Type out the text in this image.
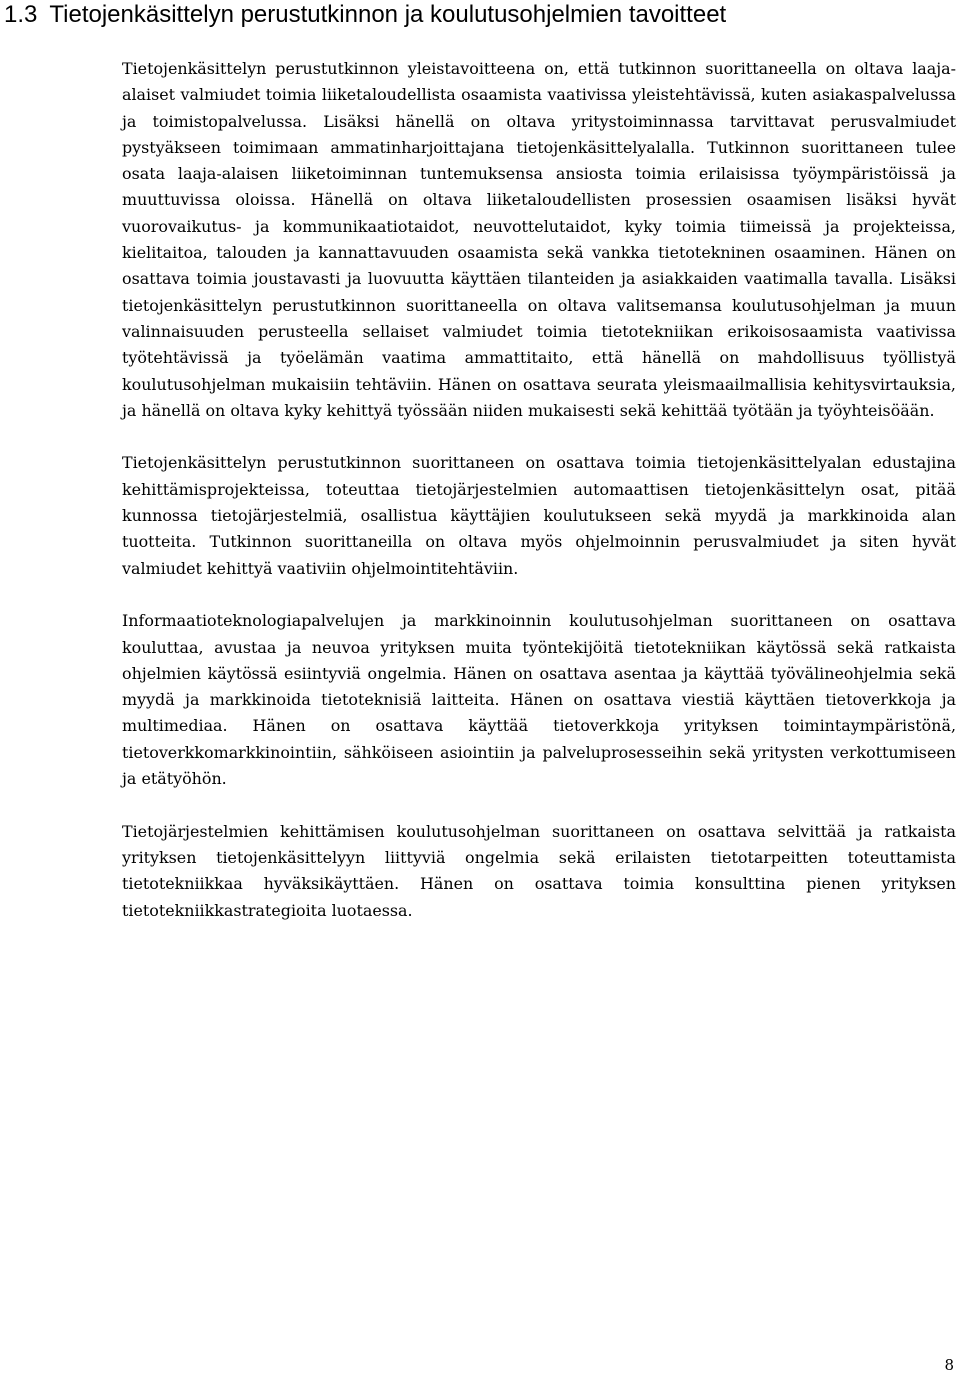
1.3 Tietojenkäsittelyn perustutkinnon ja koulutusohjelmien tavoitteet

Tietojenkäsittelyn perustutkinnon yleistavoitteena on, että tutkinnon suorittaneella on oltava laaja-alaiset valmiudet toimia liiketaloudellista osaamista vaativissa yleistehtävissä, kuten asiakaspalvelussa ja toimistopalvelussa. Lisäksi hänellä on oltava yritystoiminnassa tarvittavat perusvalmiudet pystyäkseen toimimaan ammatinharjoittajana tietojenkäsittelyalalla. Tutkinnon suorittaneen tulee osata laaja-alaisen liiketoiminnan tuntemuksensa ansiosta toimia erilaisissa työympäristöissä ja muuttuvissa oloissa. Hänellä on oltava liiketaloudellisten prosessien osaamisen lisäksi hyvät vuorovaikutus- ja kommunikaatiotaidot, neuvottelutaidot, kyky toimia tiimeissä ja projekteissa, kielitaitoa, talouden ja kannattavuuden osaamista sekä vankka tietotekninen osaaminen. Hänen on osattava toimia joustavasti ja luovuutta käyttäen tilanteiden ja asiakkaiden vaatimalla tavalla. Lisäksi tietojenkäsittelyn perustutkinnon suorittaneella on oltava valitsemansa koulutusohjelman ja muun valinnaisuuden perusteella sellaiset valmiudet toimia tietotekniikan erikoisosaamista vaativissa työtehtävissä ja työelämän vaatima ammattitaito, että hänellä on mahdollisuus työllistyä koulutusohjelman mukaisiin tehtäviin. Hänen on osattava seurata yleismaailmallisia kehitysvirtauksia, ja hänellä on oltava kyky kehittyä työssään niiden mukaisesti sekä kehittää työtään ja työyhteisöään.

Tietojenkäsittelyn perustutkinnon suorittaneen on osattava toimia tietojenkäsittelyalan edustajina kehittämisprojekteissa, toteuttaa tietojärjestelmien automaattisen tietojenkäsittelyn osat, pitää kunnossa tietojärjestelmiä, osallistua käyttäjien koulutukseen sekä myydä ja markkinoida alan tuotteita. Tutkinnon suorittaneilla on oltava myös ohjelmoinnin perusvalmiudet ja siten hyvät valmiudet kehittyä vaativiin ohjelmointitehtäviin.

Informaatioteknologiapalvelujen ja markkinoinnin koulutusohjelman suorittaneen on osattava kouluttaa, avustaa ja neuvoa yrityksen muita työntekijöitä tietotekniikan käytössä sekä ratkaista ohjelmien käytössä esiintyviä ongelmia. Hänen on osattava asentaa ja käyttää työvälineohjelmia sekä myydä ja markkinoida tietoteknisiä laitteita. Hänen on osattava viestiä käyttäen tietoverkkoja ja multimediaa. Hänen on osattava käyttää tietoverkkoja yrityksen toimintaympäristönä, tietoverkkomarkkinointiin, sähköiseen asiointiin ja palveluprosesseihin sekä yritysten verkottumiseen ja etätyöhön.

Tietojärjestelmien kehittämisen koulutusohjelman suorittaneen on osattava selvittää ja ratkaista yrityksen tietojenkäsittelyyn liittyviä ongelmia sekä erilaisten tietotarpeitten toteuttamista tietotekniikkaa hyväksikäyttäen. Hänen on osattava toimia konsulttina pienen yrityksen tietotekniikkastrategioita luotaessa.

8
